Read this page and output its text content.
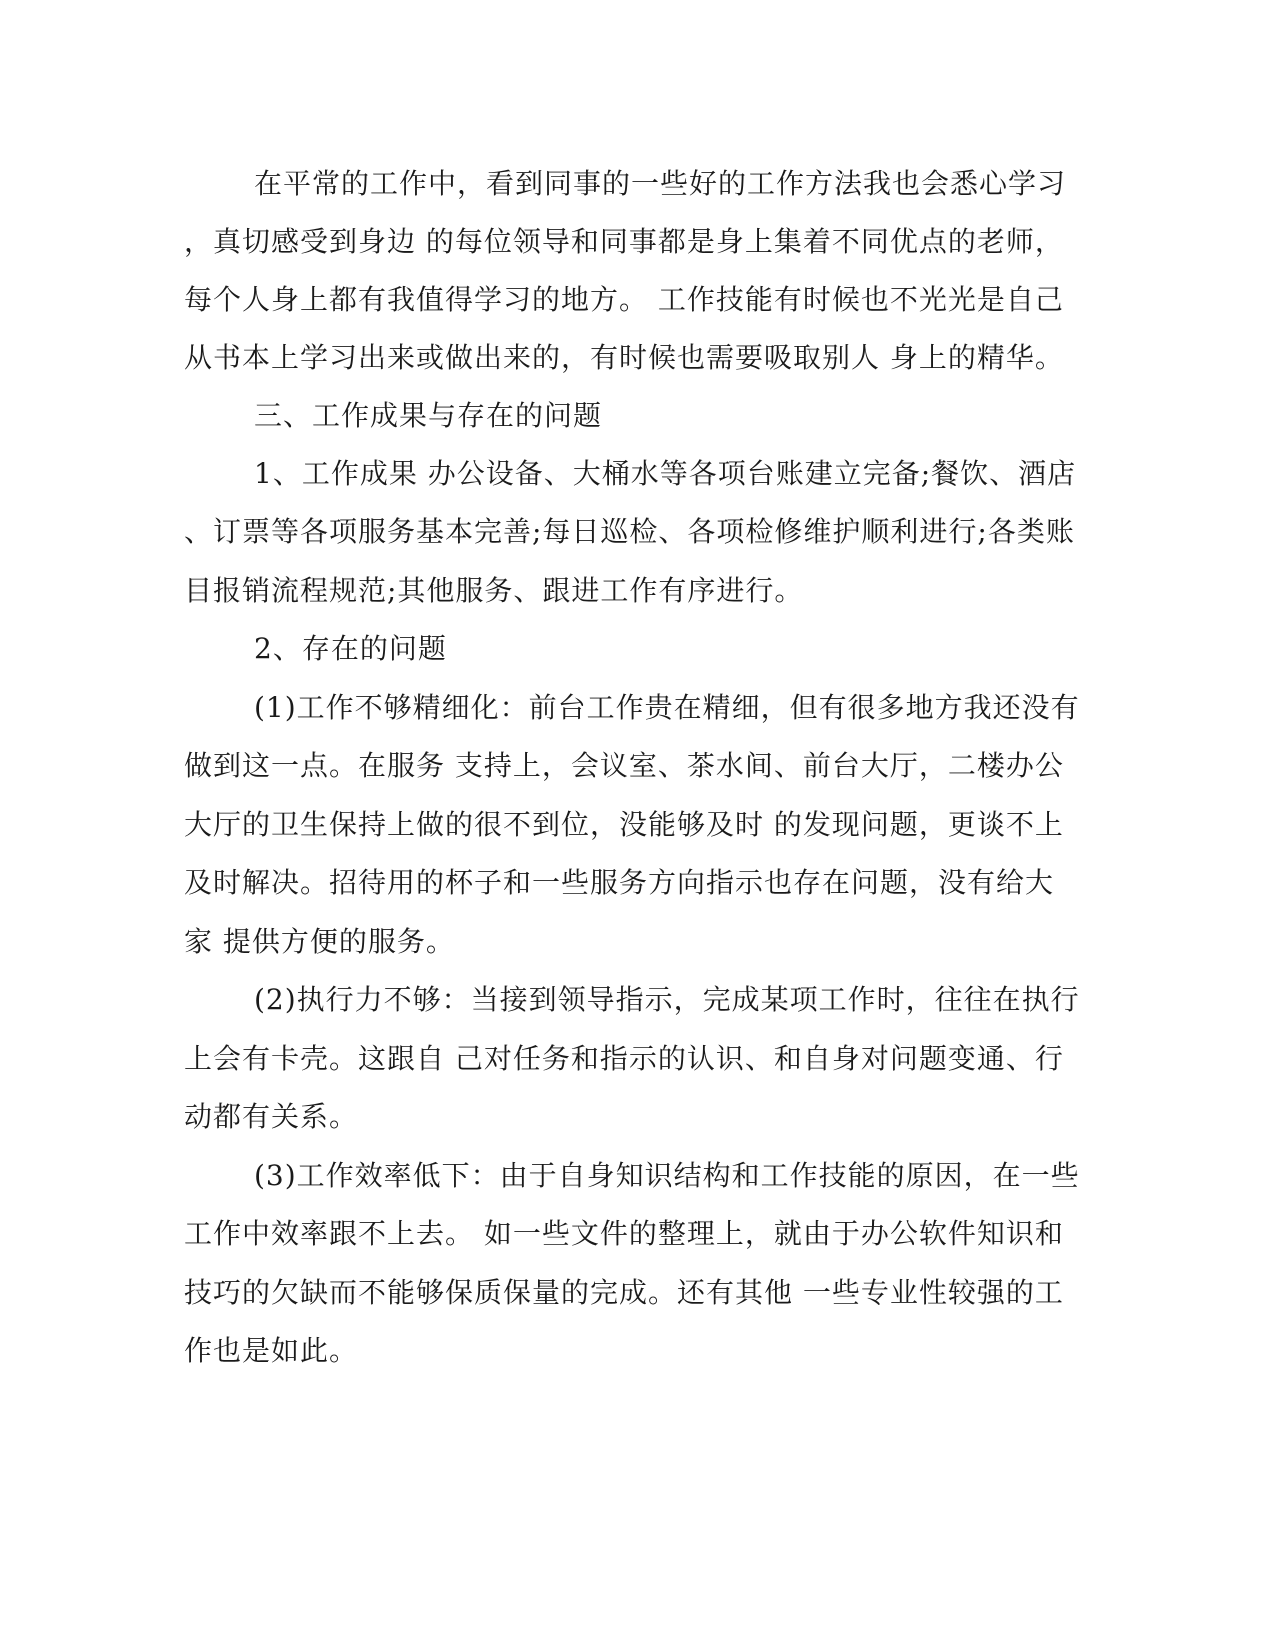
在平常的工作中，看到同事的一些好的工作方法我也会悉心学习

，真切感受到身边 的每位领导和同事都是身上集着不同优点的老师，

每个人身上都有我值得学习的地方。 工作技能有时候也不光光是自己

从书本上学习出来或做出来的，有时候也需要吸取别人 身上的精华。

三、工作成果与存在的问题

1、工作成果 办公设备、大桶水等各项台账建立完备;餐饮、酒店

、订票等各项服务基本完善;每日巡检、各项检修维护顺利进行;各类账

目报销流程规范;其他服务、跟进工作有序进行。

2、存在的问题

(1)工作不够精细化：前台工作贵在精细，但有很多地方我还没有

做到这一点。在服务 支持上，会议室、茶水间、前台大厅，二楼办公

大厅的卫生保持上做的很不到位，没能够及时 的发现问题，更谈不上

及时解决。招待用的杯子和一些服务方向指示也存在问题，没有给大

家 提供方便的服务。

(2)执行力不够：当接到领导指示，完成某项工作时，往往在执行

上会有卡壳。这跟自 己对任务和指示的认识、和自身对问题变通、行

动都有关系。

(3)工作效率低下：由于自身知识结构和工作技能的原因，在一些

工作中效率跟不上去。 如一些文件的整理上，就由于办公软件知识和

技巧的欠缺而不能够保质保量的完成。还有其他 一些专业性较强的工

作也是如此。
